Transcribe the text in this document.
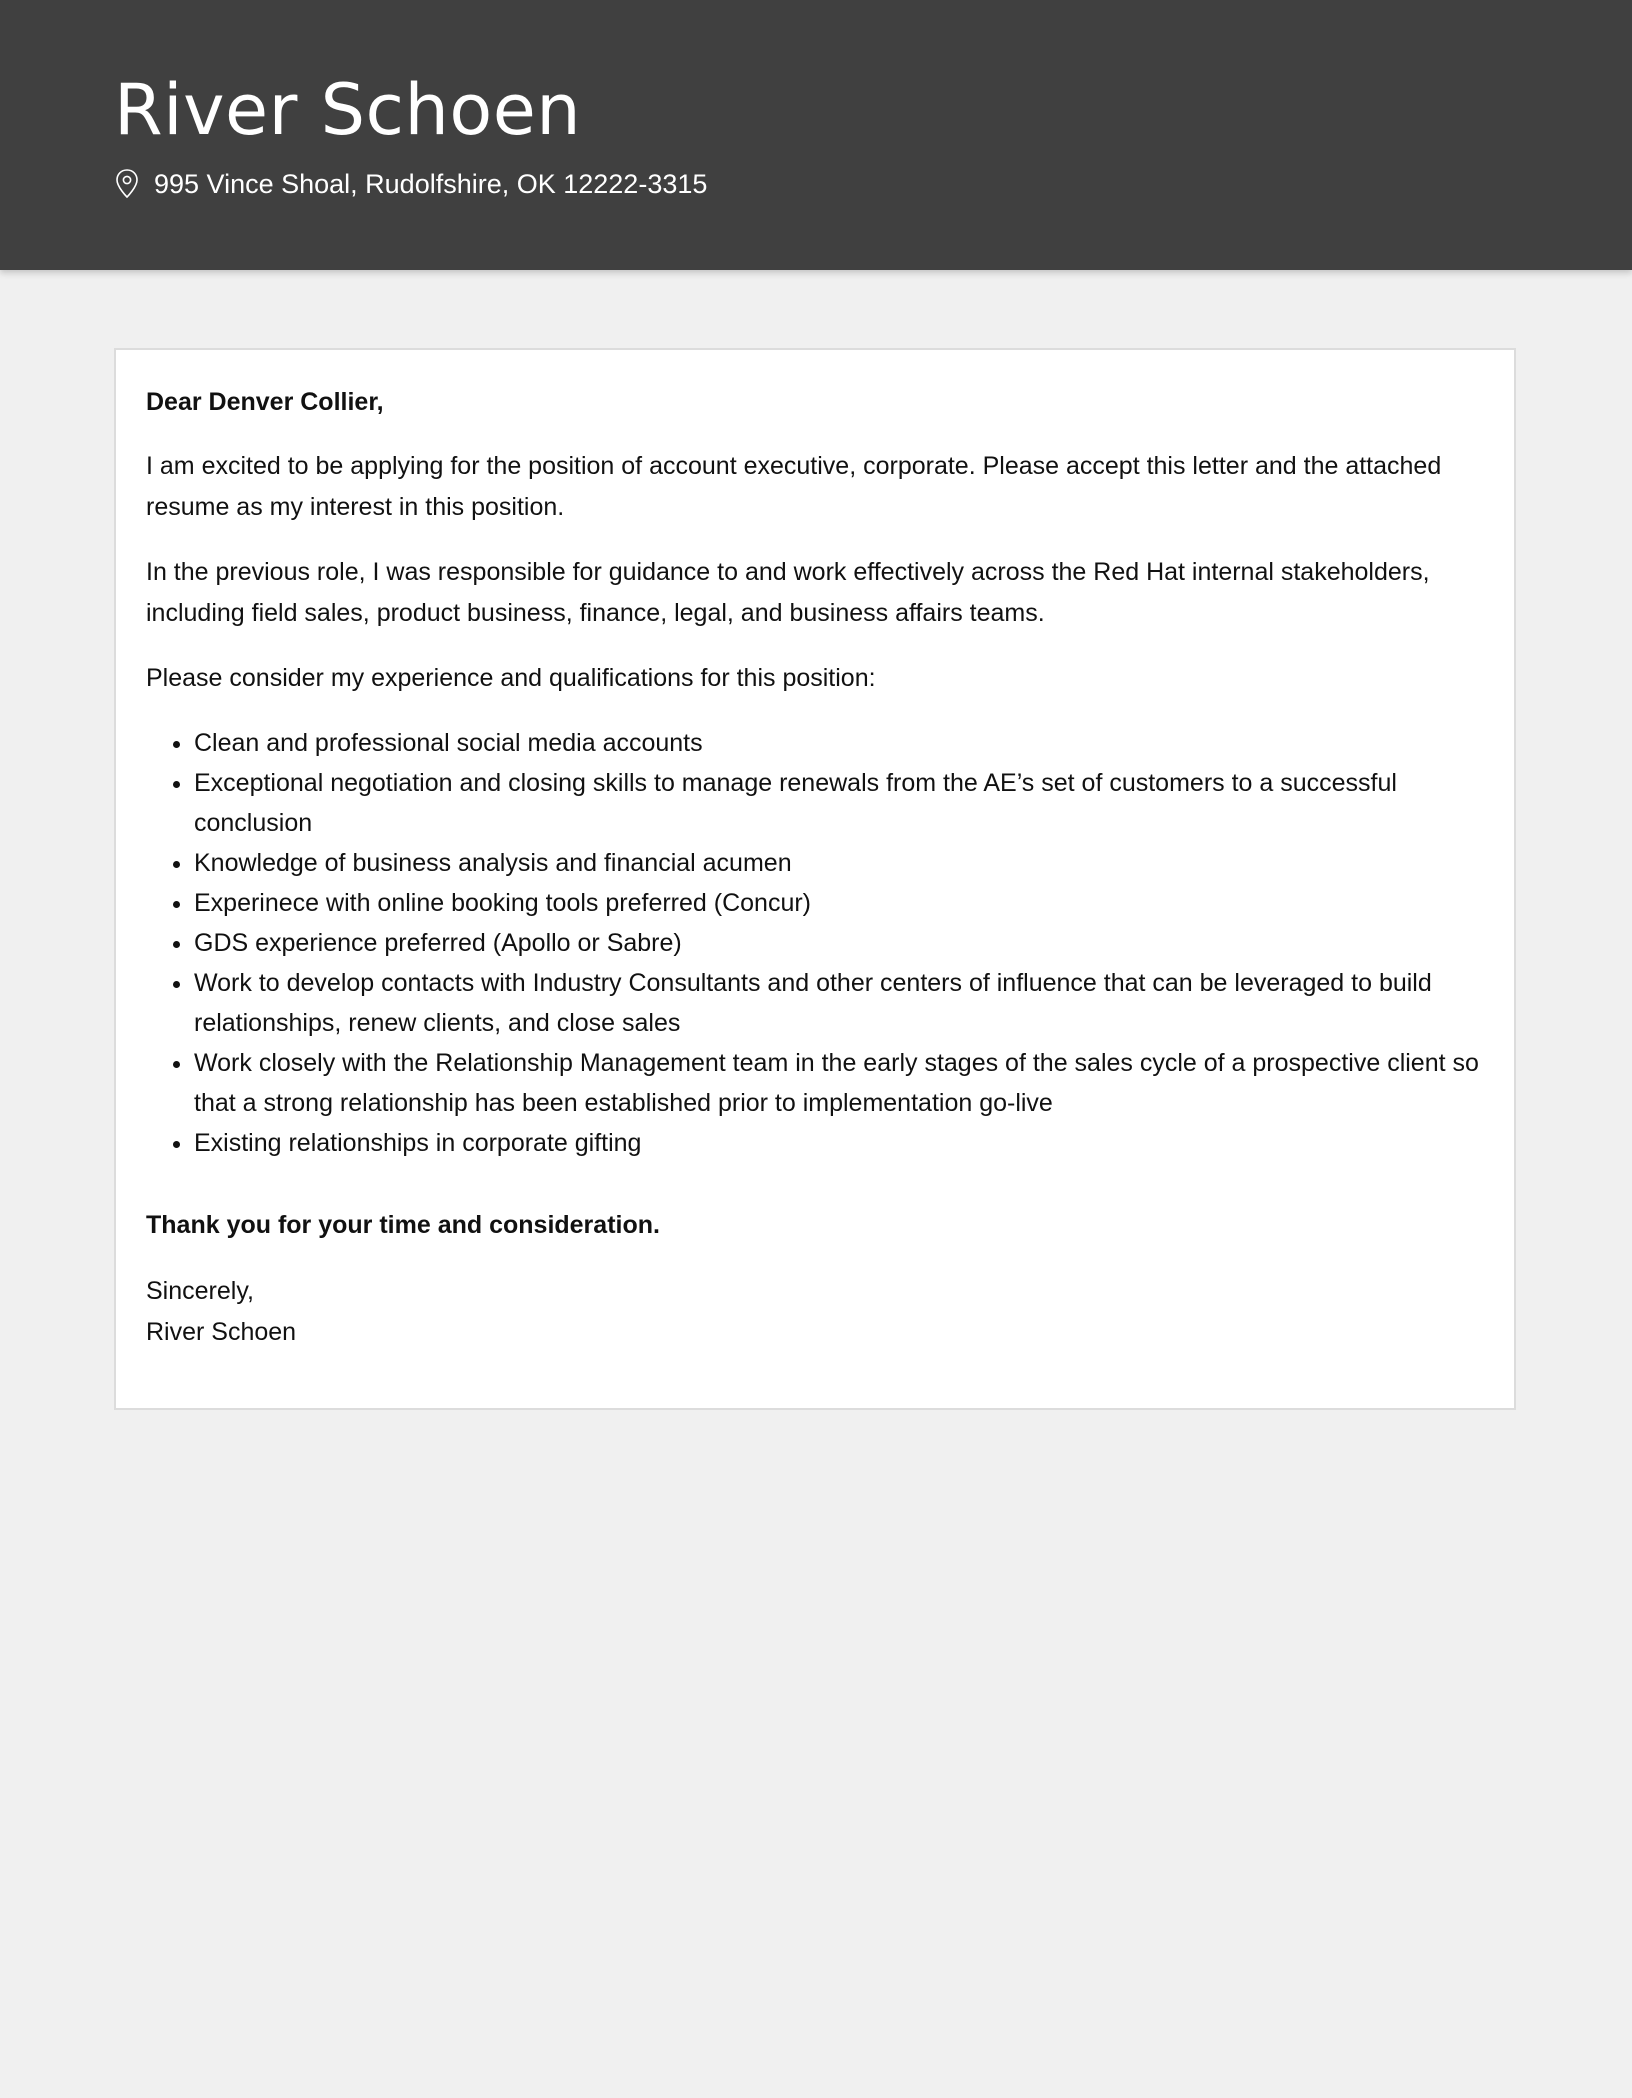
River Schoen
995 Vince Shoal, Rudolfshire, OK 12222-3315

Dear Denver Collier,

I am excited to be applying for the position of account executive, corporate. Please accept this letter and the attached resume as my interest in this position.

In the previous role, I was responsible for guidance to and work effectively across the Red Hat internal stakeholders, including field sales, product business, finance, legal, and business affairs teams.

Please consider my experience and qualifications for this position:

• Clean and professional social media accounts
• Exceptional negotiation and closing skills to manage renewals from the AE’s set of customers to a successful conclusion
• Knowledge of business analysis and financial acumen
• Experinece with online booking tools preferred (Concur)
• GDS experience preferred (Apollo or Sabre)
• Work to develop contacts with Industry Consultants and other centers of influence that can be leveraged to build relationships, renew clients, and close sales
• Work closely with the Relationship Management team in the early stages of the sales cycle of a prospective client so that a strong relationship has been established prior to implementation go-live
• Existing relationships in corporate gifting

Thank you for your time and consideration.

Sincerely,

River Schoen
